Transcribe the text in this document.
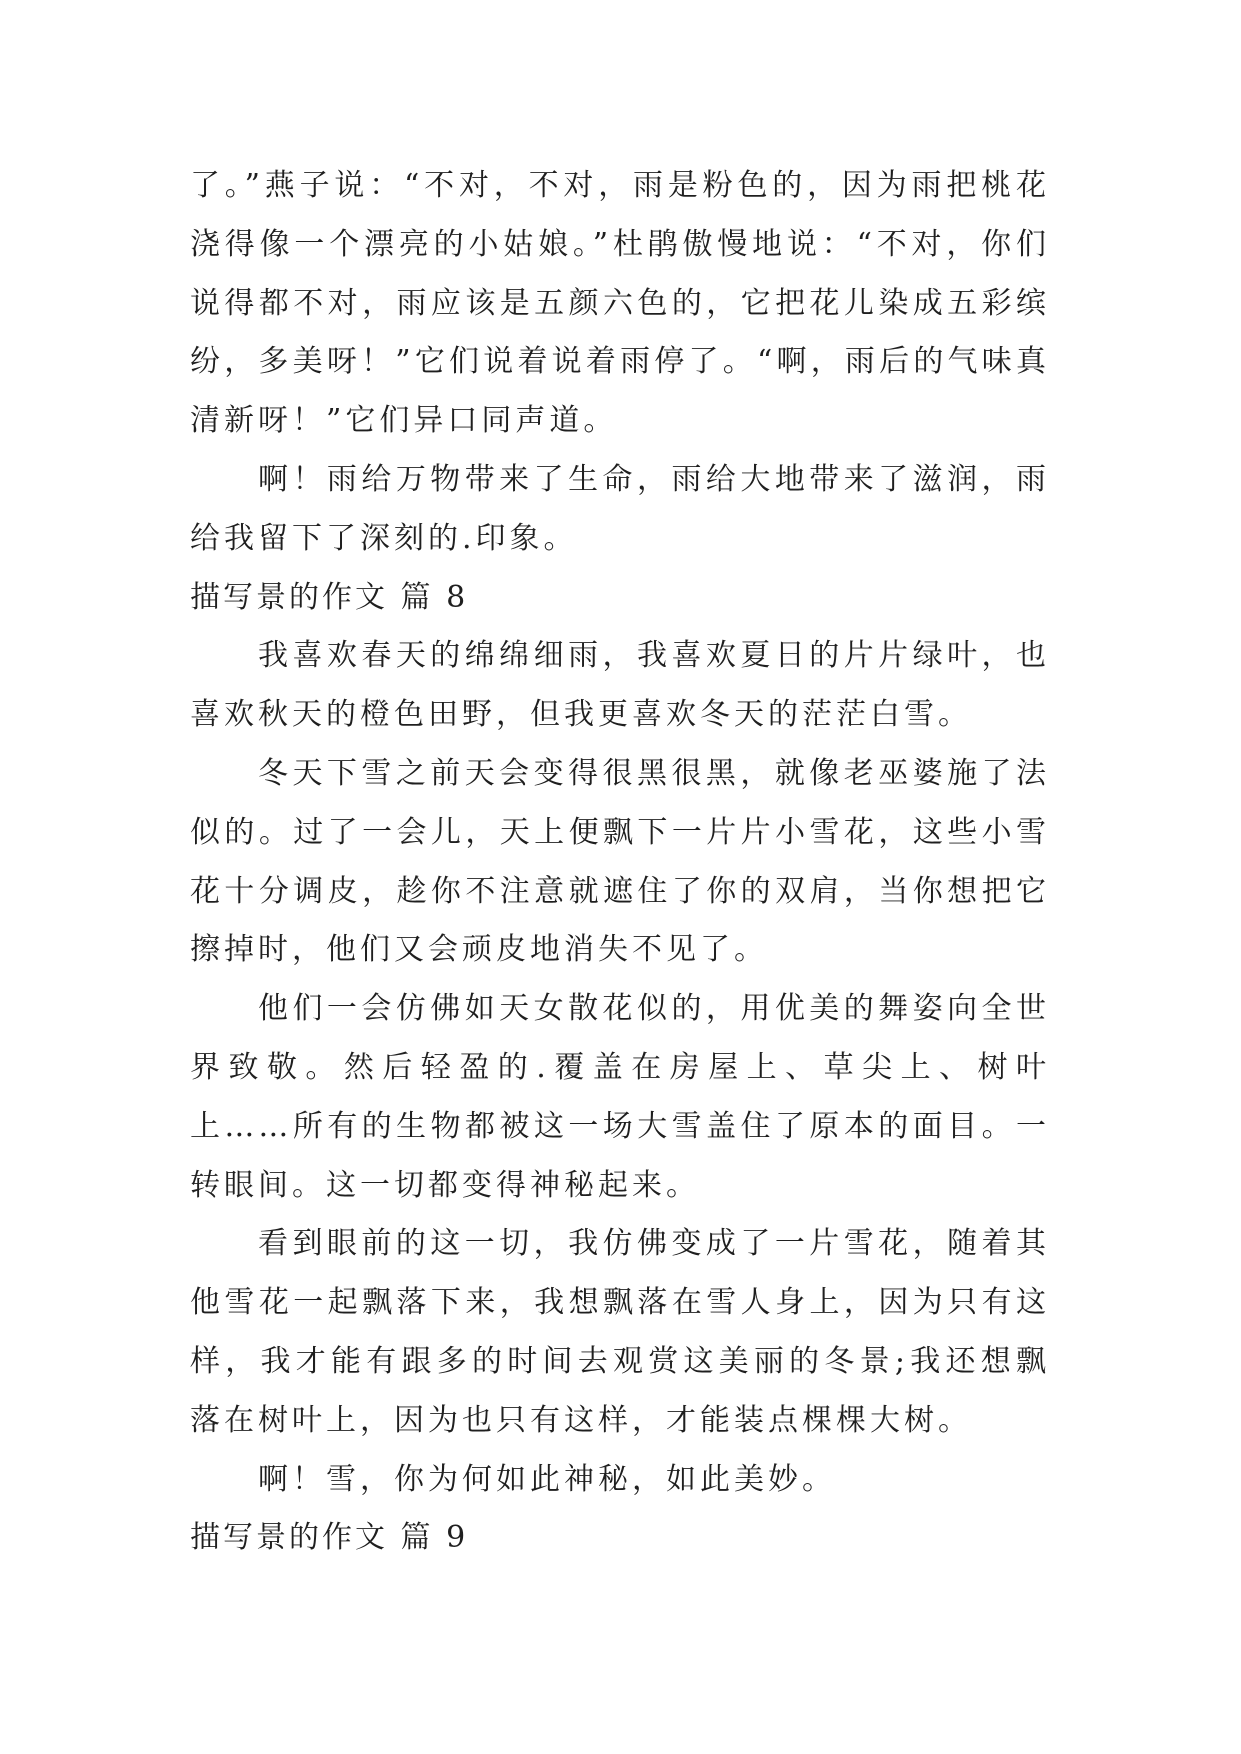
了。”燕子说：“不对，不对，雨是粉色的，因为雨把桃花浇得像一个漂亮的小姑娘。”杜鹃傲慢地说：“不对，你们说得都不对，雨应该是五颜六色的，它把花儿染成五彩缤纷，多美呀！”它们说着说着雨停了。“啊，雨后的气味真清新呀！”它们异口同声道。

啊！雨给万物带来了生命，雨给大地带来了滋润，雨给我留下了深刻的.印象。

描写景的作文 篇 8

我喜欢春天的绵绵细雨，我喜欢夏日的片片绿叶，也喜欢秋天的橙色田野，但我更喜欢冬天的茫茫白雪。

冬天下雪之前天会变得很黑很黑，就像老巫婆施了法似的。过了一会儿，天上便飘下一片片小雪花，这些小雪花十分调皮，趁你不注意就遮住了你的双肩，当你想把它擦掉时，他们又会顽皮地消失不见了。

他们一会仿佛如天女散花似的，用优美的舞姿向全世界致敬。然后轻盈的.覆盖在房屋上、草尖上、树叶上……所有的生物都被这一场大雪盖住了原本的面目。一转眼间。这一切都变得神秘起来。

看到眼前的这一切，我仿佛变成了一片雪花，随着其他雪花一起飘落下来，我想飘落在雪人身上，因为只有这样，我才能有跟多的时间去观赏这美丽的冬景;我还想飘落在树叶上，因为也只有这样，才能装点棵棵大树。

啊！雪，你为何如此神秘，如此美妙。

描写景的作文 篇 9
